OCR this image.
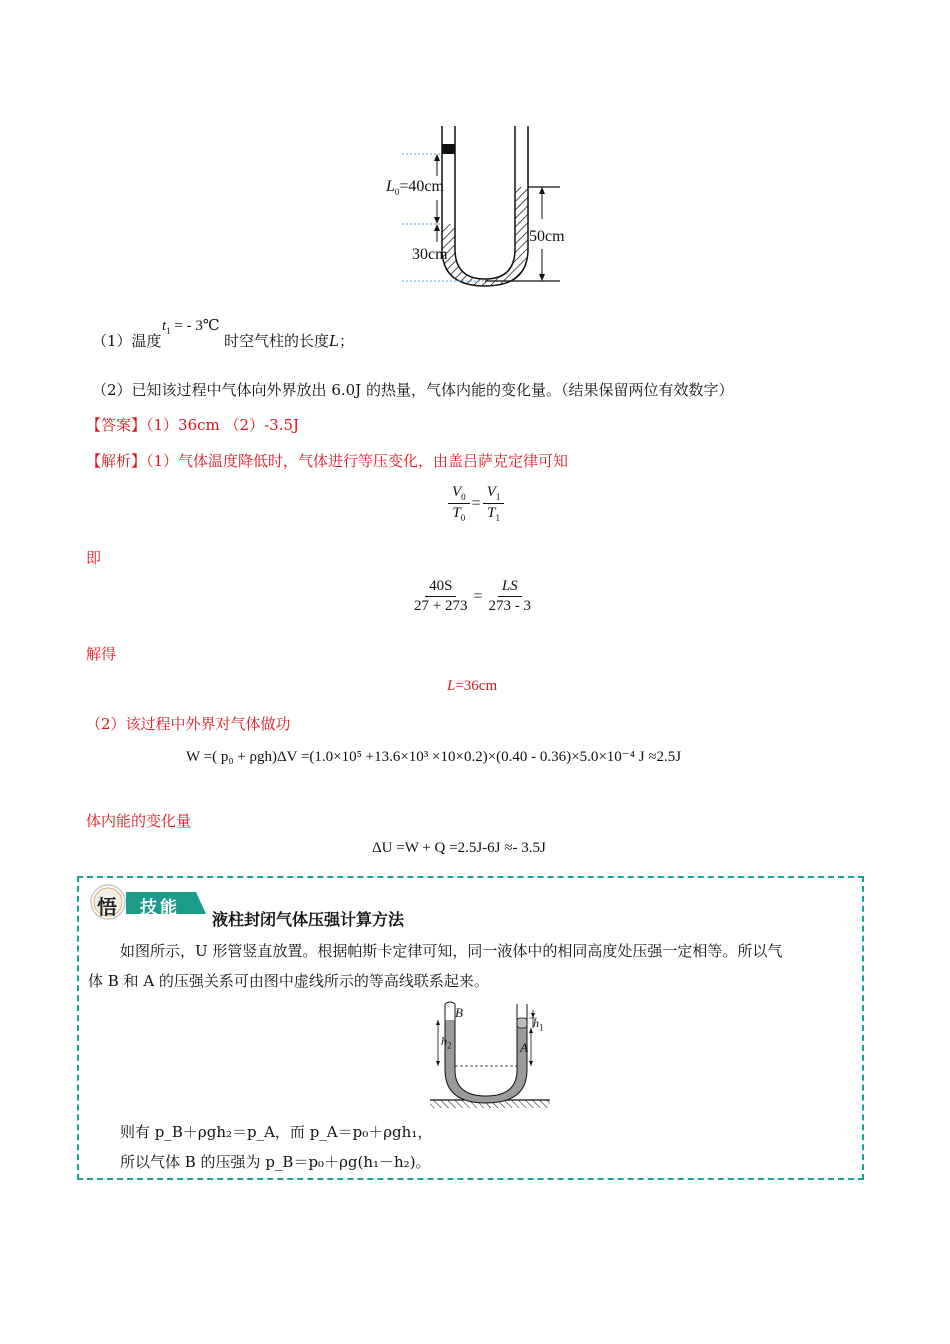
$L_0=40cm$
30cm
50cm
（1）温度
$t_1$ = - 3℃
时空气柱的长度L；
（2）已知该过程中气体向外界放出 6.0J 的热量，气体内能的变化量。（结果保留两位有效数字）
【答案】（1）36cm （2）-3.5J
【解析】（1）气体温度降低时，气体进行等压变化，由盖吕萨克定律可知
$\frac{V_0}{T_0} = \frac{V_1}{T_1}$
即
$\frac{40S}{27 + 273} = \frac{LS}{273 - 3}$
解得
L=36cm
（2）该过程中外界对气体做功
W =( p₀ + ρgh)ΔV =(1.0×10⁵ +13.6×10³ ×10×0.2)×(0.40 - 0.36)×5.0×10⁻⁴ J ≈2.5J
体内能的变化量
ΔU =W + Q =2.5J-6J ≈- 3.5J
悟 技能
液柱封闭气体压强计算方法
如图所示，U 形管竖直放置。根据帕斯卡定律可知，同一液体中的相同高度处压强一定相等。所以气
体 B 和 A 的压强关系可由图中虚线所示的等高线联系起来。
B
A
$h_1$
$h_2$
则有 p_B＋ρgh₂＝p_A，而 p_A＝p₀＋ρgh₁，
所以气体 B 的压强为 p_B＝p₀＋ρg(h₁－h₂)。
